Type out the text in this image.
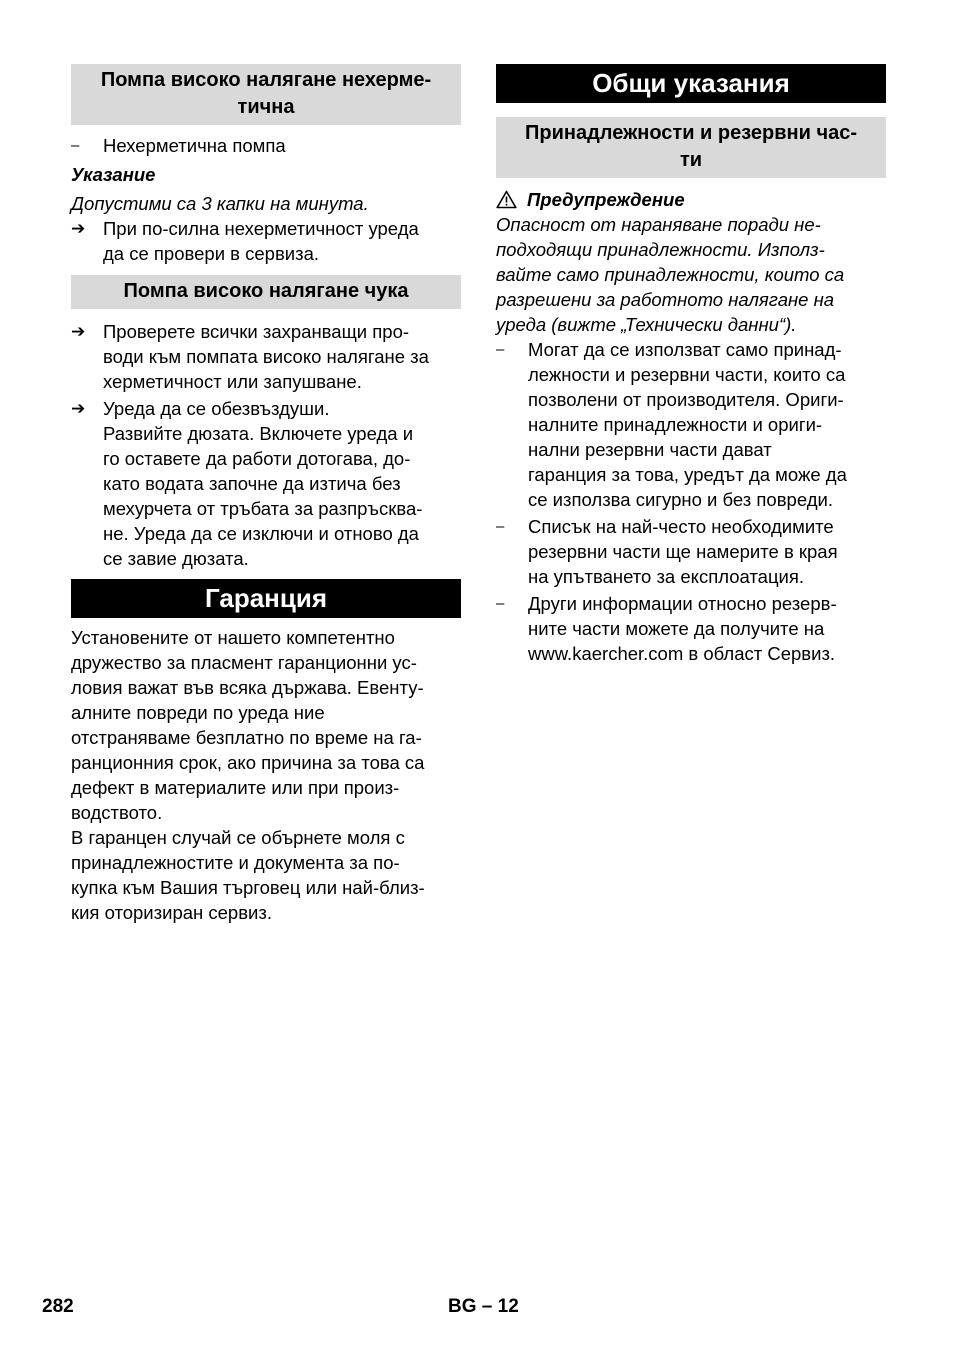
Помпа високо налягане нехерме-
тична
–	Нехерметична помпа

Указание

Допустими са 3 капки на минута.

➔ При по-силна нехерметичност уреда
да се провери в сервиза.
Помпа високо налягане чука
➔ Проверете всички захранващи про-
води към помпата високо налягане за
херметичност или запушване.
➔ Уреда да се обезвъздуши.
Развийте дюзата. Включете уреда и
го оставете да работи дотогава, до-
като водата започне да изтича без
мехурчета от тръбата за разпръсква-
не. Уреда да се изключи и отново да
се завие дюзата.
Гаранция

Установените от нашето компетентно
дружество за пласмент гаранционни ус-
ловия важат във всяка държава. Евенту-
алните повреди по уреда ние
отстраняваме безплатно по време на га-
ранционния срок, ако причина за това са
дефект в материалите или при произ-
водството.

В гаранцен случай се обърнете моля с
принадлежностите и документа за по-
купка към Вашия търговец или най-близ-
кия оторизиран сервиз.

Общи указания
Принадлежности и резервни час-
ти
Предупреждение

Опасност от нараняване поради не-
подходящи принадлежности. Използ-
вайте само принадлежности, които са
разрешени за работното налягане на
уреда (вижте „Технически данни“).

–	Могат да се използват само принад-
лежности и резервни части, които са
позволени от производителя. Ориги-
налните принадлежности и ориги-
нални резервни части дават
гаранция за това, уредът да може да
се използва сигурно и без повреди.
–	Списък на най-често необходимите
резервни части ще намерите в края
на упътването за експлоатация.
–	Други информации относно резерв-
ните части можете да получите на
www.kaercher.com в област Сервиз.
282	BG – 12
